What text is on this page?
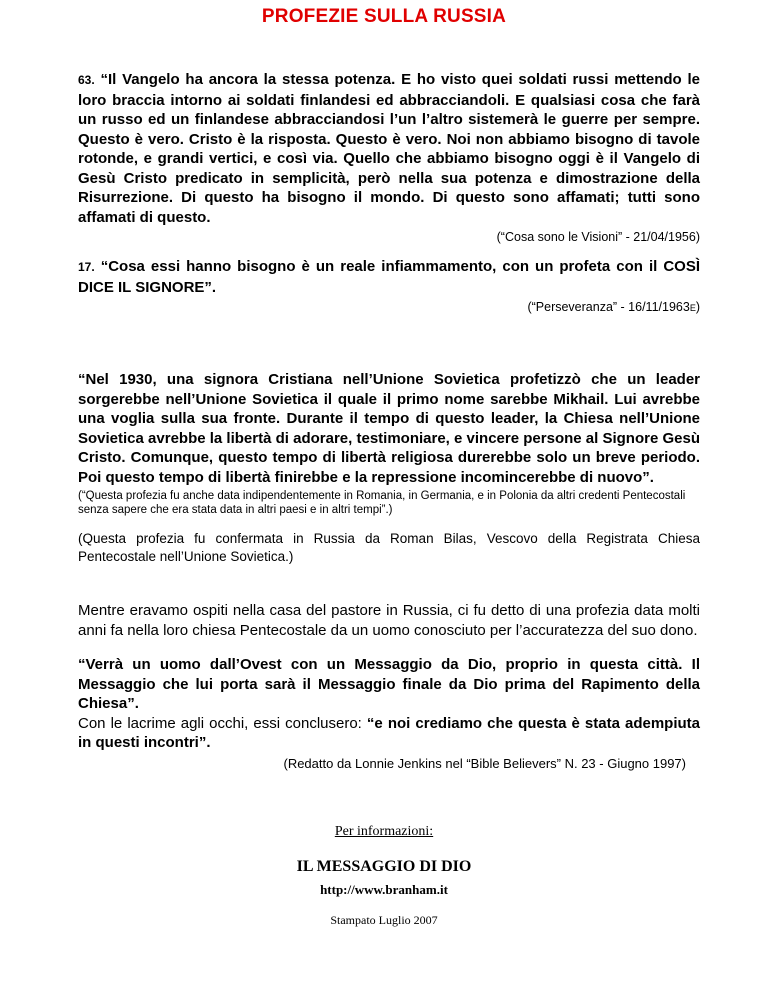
PROFEZIE SULLA RUSSIA

63. “Il Vangelo ha ancora la stessa potenza. E ho visto quei soldati russi mettendo le loro braccia intorno ai soldati finlandesi ed abbracciandoli. E qualsiasi cosa che farà un russo ed un finlandese abbracciandosi l’un l’altro sistemerà le guerre per sempre. Questo è vero. Cristo è la risposta. Questo è vero. Noi non abbiamo bisogno di tavole rotonde, e grandi vertici, e così via. Quello che abbiamo bisogno oggi è il Vangelo di Gesù Cristo predicato in semplicità, però nella sua potenza e dimostrazione della Risurrezione. Di questo ha bisogno il mondo. Di questo sono affamati; tutti sono affamati di questo.

(“Cosa sono le Visioni” - 21/04/1956)

17. “Cosa essi hanno bisogno è un reale infiammamento, con un profeta con il COSÌ DICE IL SIGNORE”.

(“Perseveranza” - 16/11/1963E)

“Nel 1930, una signora Cristiana nell’Unione Sovietica profetizzò che un leader sorgerebbe nell’Unione Sovietica il quale il primo nome sarebbe Mikhail. Lui avrebbe una voglia sulla sua fronte. Durante il tempo di questo leader, la Chiesa nell’Unione Sovietica avrebbe la libertà di adorare, testimoniare, e vincere persone al Signore Gesù Cristo. Comunque, questo tempo di libertà religiosa durerebbe solo un breve periodo. Poi questo tempo di libertà finirebbe e la repressione incomincerebbe di nuovo”.

(“Questa profezia fu anche data indipendentemente in Romania, in Germania, e in Polonia da altri credenti Pentecostali senza sapere che era stata data in altri paesi e in altri tempi”.)

(Questa profezia fu confermata in Russia da Roman Bilas, Vescovo della Registrata Chiesa Pentecostale nell’Unione Sovietica.)

Mentre eravamo ospiti nella casa del pastore in Russia, ci fu detto di una profezia data molti anni fa nella loro chiesa Pentecostale da un uomo conosciuto per l’accuratezza del suo dono.

“Verrà un uomo dall’Ovest con un Messaggio da Dio, proprio in questa città. Il Messaggio che lui porta sarà il Messaggio finale da Dio prima del Rapimento della Chiesa”.

Con le lacrime agli occhi, essi conclusero: “e noi crediamo che questa è stata adempiuta in questi incontri”.

(Redatto da Lonnie Jenkins nel “Bible Believers” N. 23 - Giugno 1997)

Per informazioni:
IL MESSAGGIO DI DIO
http://www.branham.it
Stampato Luglio 2007
